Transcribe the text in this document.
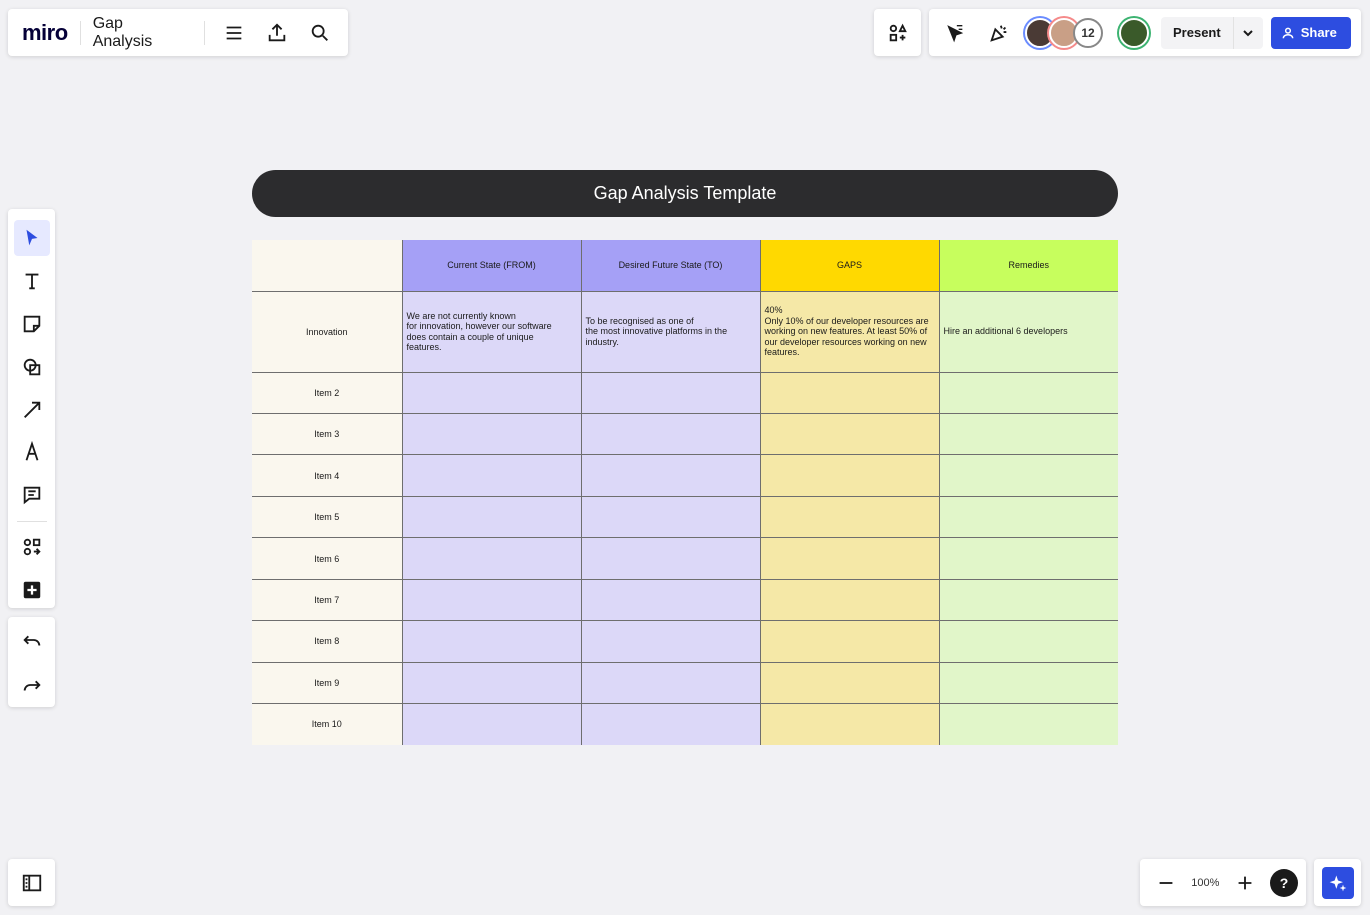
miro Gap Analysis	12	Present	Share
100%	?
Gap Analysis Template
	Current State (FROM)	Desired Future State (TO)	GAPS	Remedies

Innovation	We are not currently known
for innovation, however our software
does contain a couple of unique
features.	To be recognised as one of
the most innovative platforms in the
industry.	40%
Only 10% of our developer resources are
working on new features. At least 50% of
our developer resources working on new
features.	Hire an additional 6 developers

Item 2				

Item 3				

Item 4				

Item 5				

Item 6				

Item 7				

Item 8				

Item 9				

Item 10				
